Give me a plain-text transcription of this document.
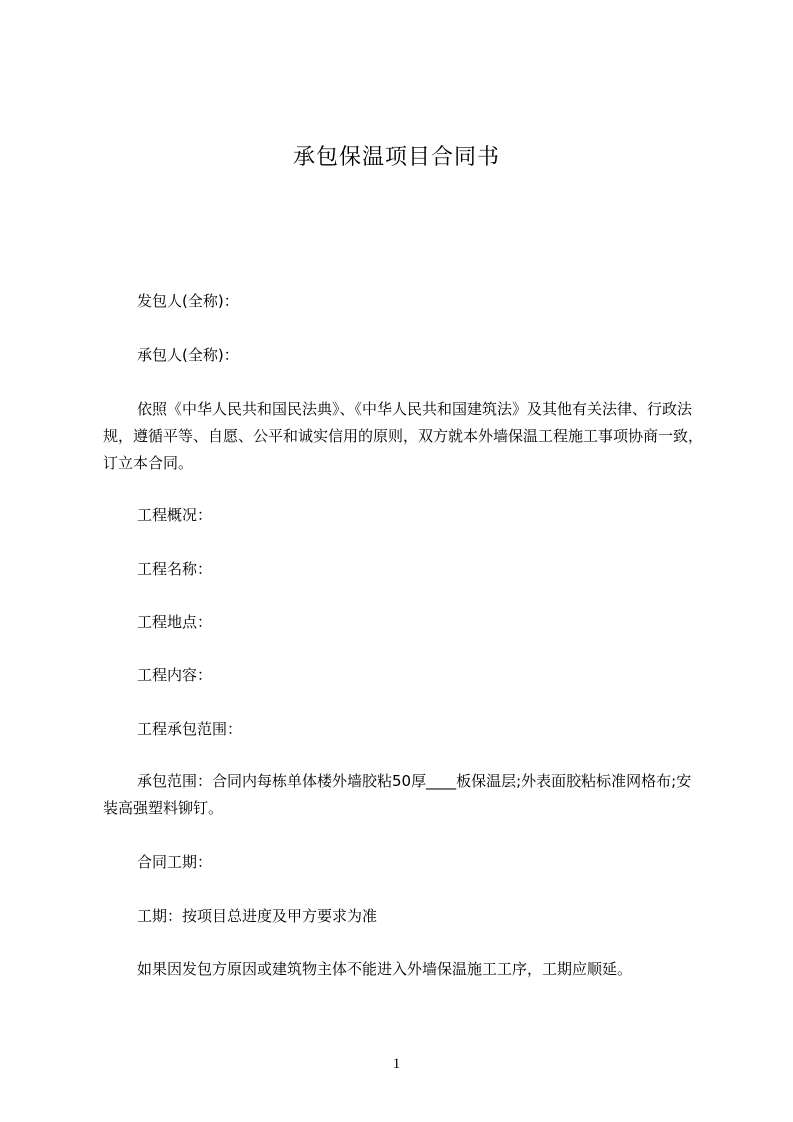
承包保温项目合同书

发包人(全称)：

承包人(全称)：

依照《中华人民共和国民法典》、《中华人民共和国建筑法》及其他有关法律、行政法规，遵循平等、自愿、公平和诚实信用的原则，双方就本外墙保温工程施工事项协商一致，订立本合同。

工程概况：

工程名称：

工程地点：

工程内容：

工程承包范围：

承包范围：合同内每栋单体楼外墙胶粘50厚____板保温层;外表面胶粘标准网格布;安装高强塑料铆钉。

合同工期：

工期：按项目总进度及甲方要求为准

如果因发包方原因或建筑物主体不能进入外墙保温施工工序，工期应顺延。

1
